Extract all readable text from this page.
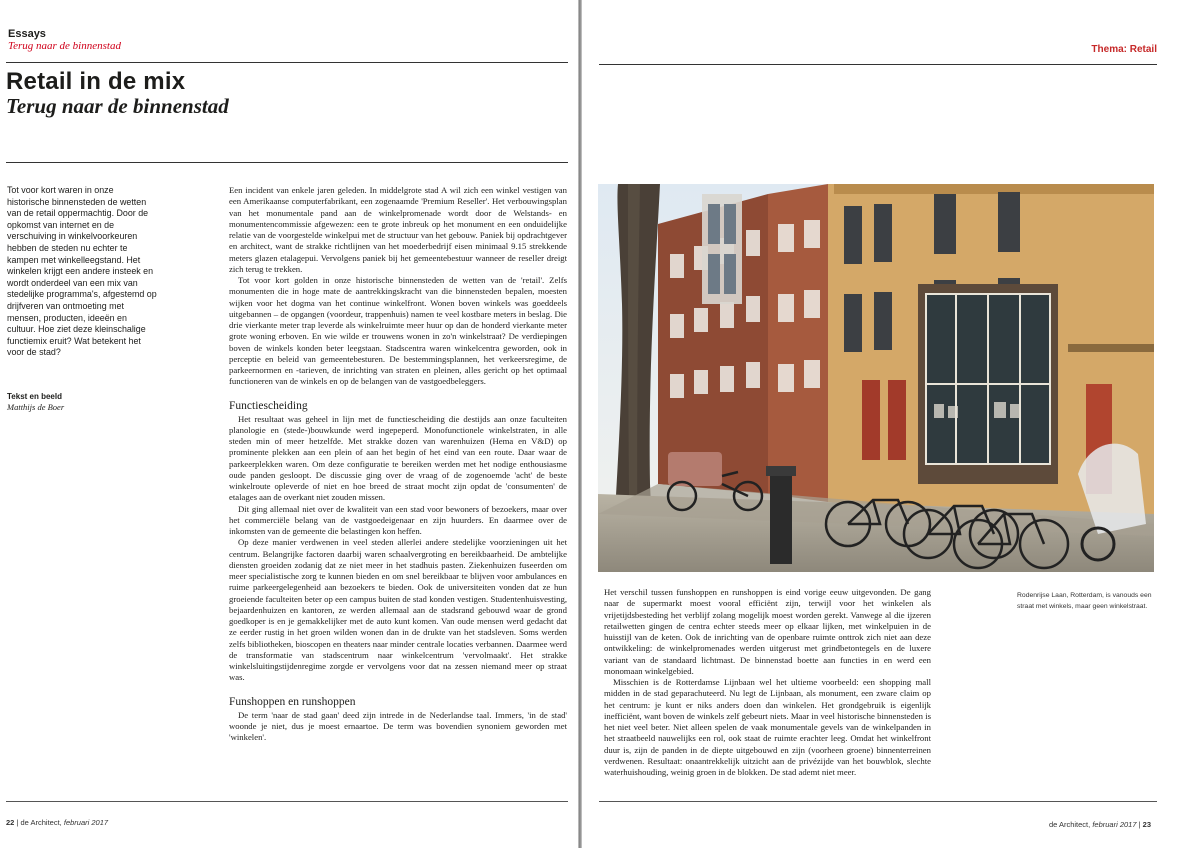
Essays
Terug naar de binnenstad
Retail in de mix
Terug naar de binnenstad

Tot voor kort waren in onze historische binnensteden de wetten van de retail oppermachtig. Door de opkomst van internet en de verschuiving in winkelvoorkeuren hebben de steden nu echter te kampen met winkelleegstand. Het winkelen krijgt een andere insteek en wordt onderdeel van een mix van stedelijke programma's, afgestemd op drijfveren van ontmoeting met mensen, producten, ideeën en cultuur. Hoe ziet deze kleinschalige functiemix eruit? Wat betekent het voor de stad?

Tekst en beeld
Matthijs de Boer

Een incident van enkele jaren geleden. In middelgrote stad A wil zich een winkel vestigen van een Amerikaanse computerfabrikant, een zogenaamde 'Premium Reseller'. Het verbouwingsplan van het monumentale pand aan de winkelpromenade wordt door de Welstands- en monumentencommissie afgewezen: een te grote inbreuk op het monument en een onduidelijke relatie van de voorgestelde winkelpui met de structuur van het gebouw. Paniek bij opdrachtgever en architect, want de strakke richtlijnen van het moederbedrijf eisen minimaal 9.15 strekkende meters glazen etalagepui. Vervolgens paniek bij het gemeentebestuur wanneer de reseller dreigt zich terug te trekken.

Tot voor kort golden in onze historische binnensteden de wetten van de 'retail'. Zelfs monumenten die in hoge mate de aantrekkingskracht van die binnensteden bepalen, moesten wijken voor het dogma van het continue winkelfront. Wonen boven winkels was goeddeels uitgebannen – de opgangen (voordeur, trappenhuis) namen te veel kostbare meters in beslag. Die drie vierkante meter trap leverde als winkelruimte meer huur op dan de honderd vierkante meter grote woning erboven. En wie wilde er trouwens wonen in zo'n winkelstraat? De verdiepingen boven de winkels konden beter leegstaan. Stadscentra waren winkelcentra geworden, ook in perceptie en beleid van gemeentebesturen. De bestemmingsplannen, het verkeersregime, de parkeernormen en -tarieven, de inrichting van straten en pleinen, alles gericht op het optimaal functioneren van de winkels en op de belangen van de vastgoedbeleggers.

Functiescheiding

Het resultaat was geheel in lijn met de functiescheiding die destijds aan onze faculteiten planologie en (stede-)bouwkunde werd ingepeperd. Monofunctionele winkelstraten, in alle steden min of meer hetzelfde. Met strakke dozen van warenhuizen (Hema en V&D) op prominente plekken aan een plein of aan het begin of het eind van een route. Daar waar de parkeerplekken waren. Om deze configuratie te bereiken werden met het nodige enthousiasme oude panden gesloopt. De discussie ging over de vraag of de zogenoemde 'acht' de beste winkelroute opleverde of niet en hoe breed de straat mocht zijn opdat de 'consumenten' de etalages aan de overkant niet zouden missen.

Dit ging allemaal niet over de kwaliteit van een stad voor bewoners of bezoekers, maar over het commerciële belang van de vastgoedeigenaar en zijn huurders. En daarmee over de inkomsten van de gemeente die belastingen kon heffen.

Op deze manier verdwenen in veel steden allerlei andere stedelijke voorzieningen uit het centrum. Belangrijke factoren daarbij waren schaalvergroting en bereikbaarheid. De ambtelijke diensten groeiden zodanig dat ze niet meer in het stadhuis pasten. Ziekenhuizen fuseerden om meer specialistische zorg te kunnen bieden en om snel bereikbaar te blijven voor ambulances en ruime parkeergelegenheid aan bezoekers te bieden. Ook de universiteiten vonden dat ze hun groeiende faculteiten beter op een campus buiten de stad konden vestigen. Studentenhuisvesting, bejaardenhuizen en kantoren, ze werden allemaal aan de stadsrand gebouwd waar de grond goedkoper is en je gemakkelijker met de auto kunt komen. Van oude mensen werd gedacht dat ze eerder rustig in het groen wilden wonen dan in de drukte van het stadsleven. Soms werden zelfs bibliotheken, bioscopen en theaters naar minder centrale locaties verbannen. Daarmee werd de transformatie van stadscentrum naar winkelcentrum 'vervolmaakt'. Het strakke winkelsluitingstijdenregime zorgde er vervolgens voor dat na zessen niemand meer op straat was.

Funshoppen en runshoppen

De term 'naar de stad gaan' deed zijn intrede in de Nederlandse taal. Immers, 'in de stad' woonde je niet, dus je moest ernaartoe. De term was bovendien synoniem geworden met 'winkelen'.

22 | de Architect, februari 2017
Thema: Retail

Rodenrijse Laan, Rotterdam, is vanouds een straat met winkels, maar geen winkelstraat.

Het verschil tussen funshoppen en runshoppen is eind vorige eeuw uitgevonden. De gang naar de supermarkt moest vooral efficiënt zijn, terwijl voor het winkelen als vrijetijdsbesteding het verblijf zolang mogelijk moest worden gerekt. Vanwege al die ijzeren retailwetten gingen de centra echter steeds meer op elkaar lijken, met winkelpuien in de huisstijl van de keten. Ook de inrichting van de openbare ruimte onttrok zich niet aan deze ontwikkeling: de winkelpromenades werden uitgerust met grindbetontegels en de luxere variant van de standaard lichtmast. De binnenstad boette aan functies in en werd een monomaan winkelgebied.

Misschien is de Rotterdamse Lijnbaan wel het ultieme voorbeeld: een shopping mall midden in de stad geparachuteerd. Nu legt de Lijnbaan, als monument, een zware claim op het centrum: je kunt er niks anders doen dan winkelen. Het grondgebruik is eigenlijk inefficiënt, want boven de winkels zelf gebeurt niets. Maar in veel historische binnensteden is het niet veel beter. Niet alleen spelen de vaak monumentale gevels van de winkelpanden in het straatbeeld nauwelijks een rol, ook staat de ruimte erachter leeg. Omdat het winkelfront duur is, zijn de panden in de diepte uitgebouwd en zijn (voorheen groene) binnenterreinen verdwenen. Resultaat: onaantrekkelijk uitzicht aan de privézijde van het bouwblok, slechte waterhuishouding, weinig groen in de blokken. De stad ademt niet meer.

de Architect, februari 2017 | 23
